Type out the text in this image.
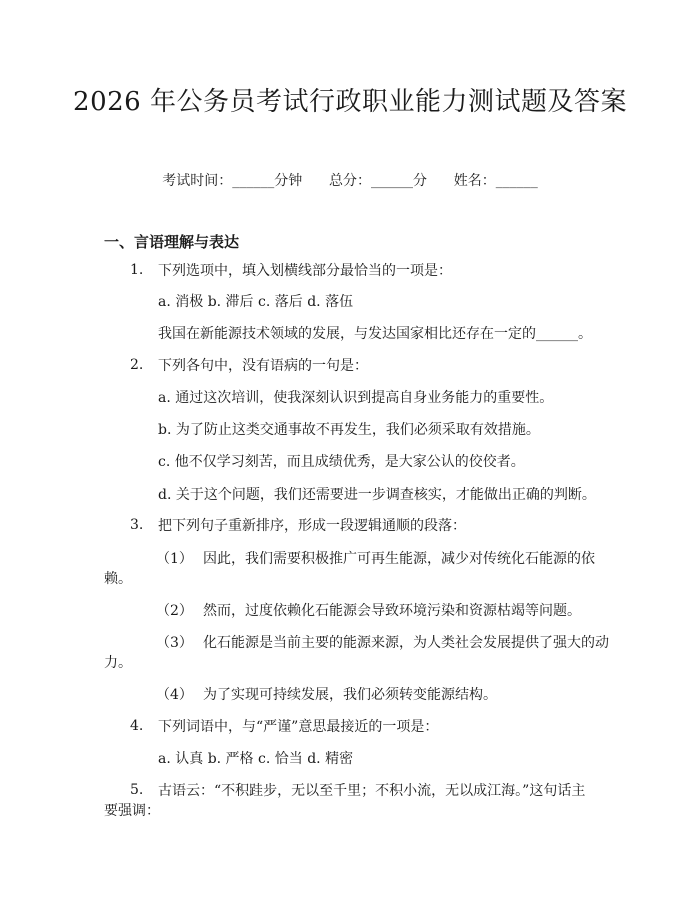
2026 年公务员考试行政职业能力测试题及答案
考试时间：______分钟      总分：______分      姓名：______
一、言语理解与表达
1. 下列选项中，填入划横线部分最恰当的一项是：
a. 消极 b. 滞后 c. 落后 d. 落伍
我国在新能源技术领域的发展，与发达国家相比还存在一定的______。
2. 下列各句中，没有语病的一句是：
a. 通过这次培训，使我深刻认识到提高自身业务能力的重要性。
b. 为了防止这类交通事故不再发生，我们必须采取有效措施。
c. 他不仅学习刻苦，而且成绩优秀，是大家公认的佼佼者。
d. 关于这个问题，我们还需要进一步调查核实，才能做出正确的判断。
3. 把下列句子重新排序，形成一段逻辑通顺的段落：
（1） 因此，我们需要积极推广可再生能源，减少对传统化石能源的依
赖。
（2） 然而，过度依赖化石能源会导致环境污染和资源枯竭等问题。
（3） 化石能源是当前主要的能源来源，为人类社会发展提供了强大的动
力。
（4） 为了实现可持续发展，我们必须转变能源结构。
4. 下列词语中，与“严谨”意思最接近的一项是：
a. 认真 b. 严格 c. 恰当 d. 精密
5. 古语云：“不积跬步，无以至千里；不积小流，无以成江海。”这句话主
要强调：
